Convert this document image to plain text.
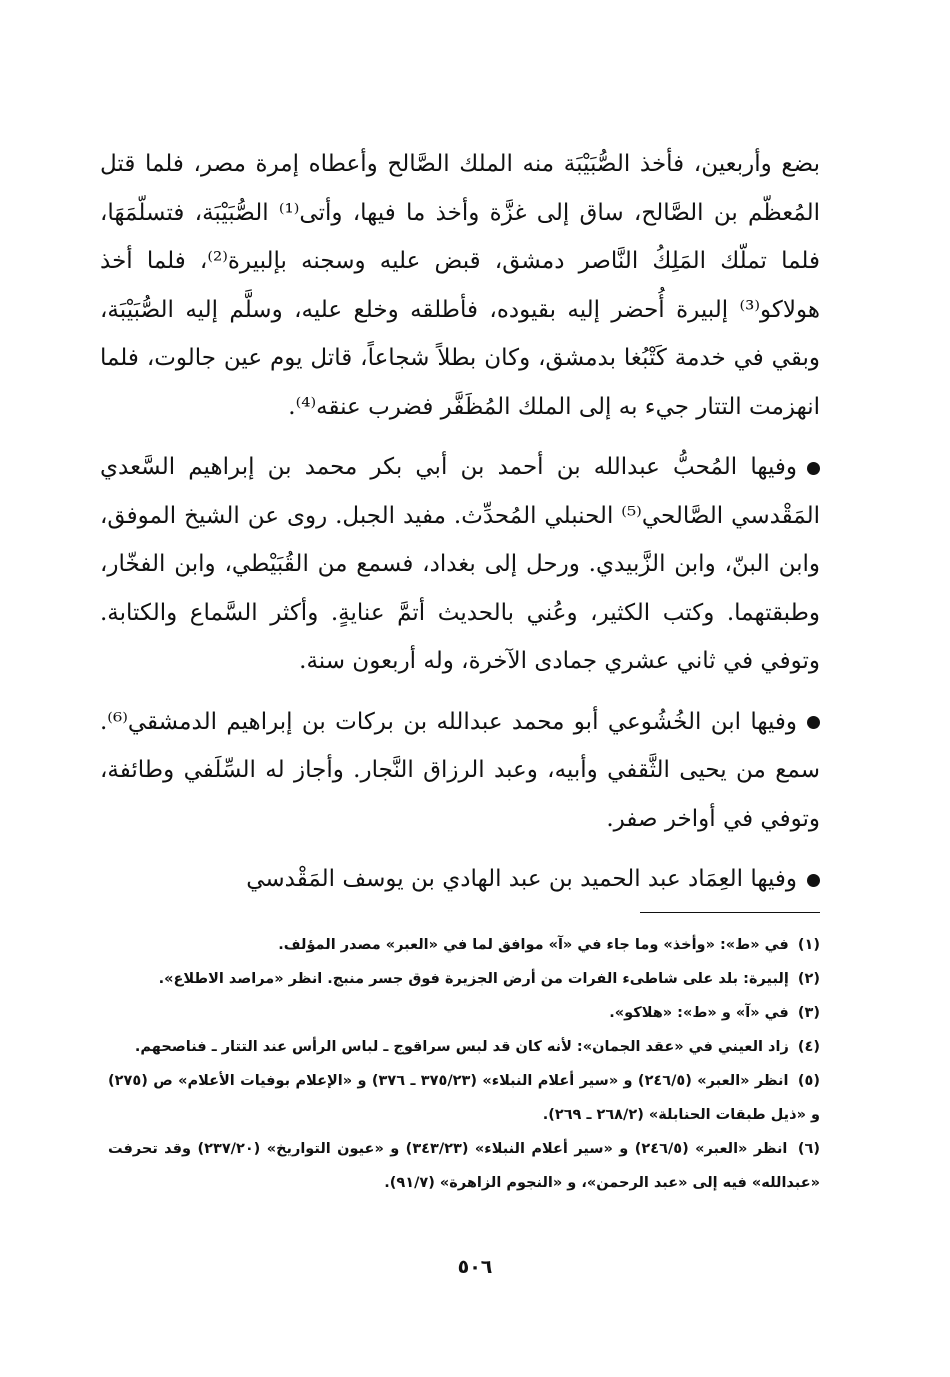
بضع وأربعين، فأخذ الصُّبَيْبَة منه الملك الصَّالح وأعطاه إمرة مصر، فلما قتل المُعظّم بن الصَّالح، ساق إلى غزَّة وأخذ ما فيها، وأتى⁽¹⁾ الصُّبَيْبَة، فتسلّمَهَا، فلما تملّك المَلِكُ النَّاصر دمشق، قبض عليه وسجنه بإلبيرة⁽²⁾، فلما أخذ هولاكو⁽³⁾ إلبيرة أُحضر إليه بقيوده، فأطلقه وخلع عليه، وسلَّم إليه الصُّبَيْبَة، وبقي في خدمة كَتْبُغا بدمشق، وكان بطلاً شجاعاً، قاتل يوم عين جالوت، فلما انهزمت التتار جيء به إلى الملك المُظَفَّر فضرب عنقه⁽⁴⁾.

وفيها المُحبُّ عبدالله بن أحمد بن أبي بكر محمد بن إبراهيم السَّعدي المَقْدسي الصَّالحي⁽⁵⁾ الحنبلي المُحدِّث. مفيد الجبل. روى عن الشيخ الموفق، وابن البنّ، وابن الزَّبيدي. ورحل إلى بغداد، فسمع من القُبَيْطي، وابن الفخّار، وطبقتهما. وكتب الكثير، وعُني بالحديث أتمَّ عنايةٍ. وأكثر السَّماع والكتابة. وتوفي في ثاني عشري جمادى الآخرة، وله أربعون سنة.

وفيها ابن الخُشُوعي أبو محمد عبدالله بن بركات بن إبراهيم الدمشقي⁽⁶⁾. سمع من يحيى الثَّقفي وأبيه، وعبد الرزاق النَّجار. وأجاز له السِّلَفي وطائفة، وتوفي في أواخر صفر.

وفيها العِمَاد عبد الحميد بن عبد الهادي بن يوسف المَقْدسي

(١) في «ط»: «وأخذ» وما جاء في «آ» موافق لما في «العبر» مصدر المؤلف.

(٢) إلبيرة: بلد على شاطىء الفرات من أرض الجزيرة فوق جسر منبج. انظر «مراصد الاطلاع».

(٣) في «آ» و «ط»: «هلاكو».

(٤) زاد العيني في «عقد الجمان»: لأنه كان قد لبس سراقوج ـ لباس الرأس عند التتار ـ فناصحهم.

(٥) انظر «العبر» (٢٤٦/٥) و «سير أعلام النبلاء» (٣٧٥/٢٣ ـ ٣٧٦) و «الإعلام بوفيات الأعلام» ص (٢٧٥) و «ذيل طبقات الحنابلة» (٢٦٨/٢ ـ ٢٦٩).

(٦) انظر «العبر» (٢٤٦/٥) و «سير أعلام النبلاء» (٣٤٣/٢٣) و «عيون التواريخ» (٢٣٧/٢٠) وقد تحرفت «عبدالله» فيه إلى «عبد الرحمن»، و «النجوم الزاهرة» (٩١/٧).

٥٠٦
